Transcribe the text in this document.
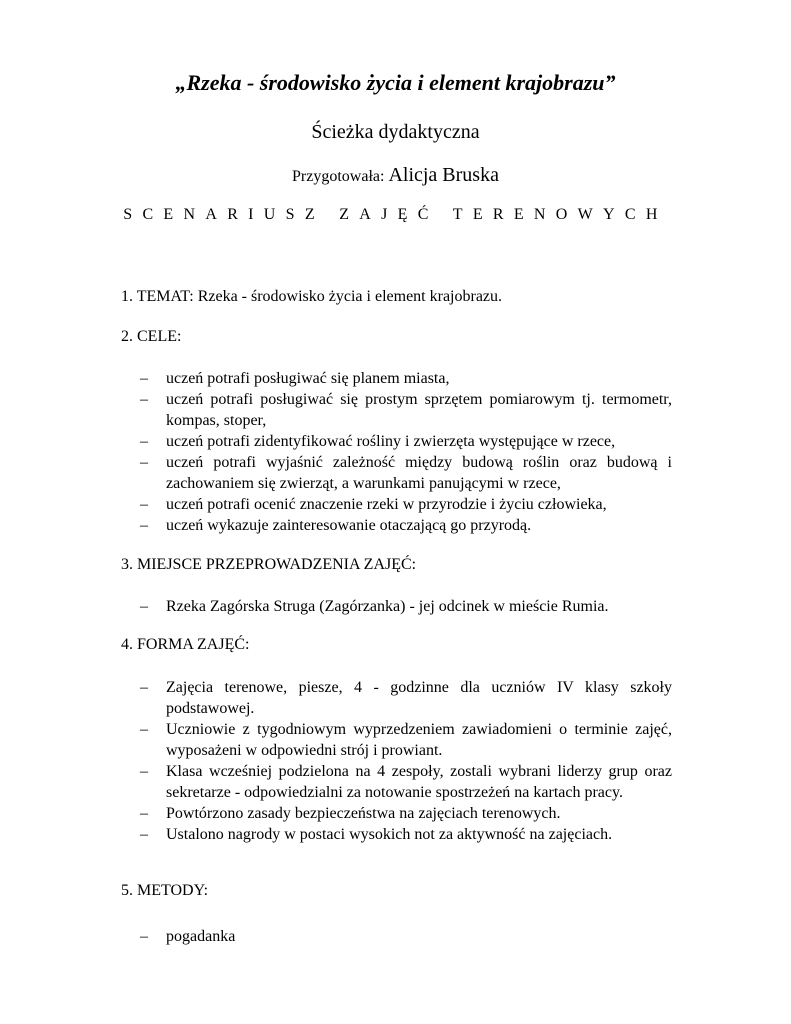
„Rzeka - środowisko życia i element krajobrazu”
Ścieżka dydaktyczna
Przygotowała: Alicja Bruska
SCENARIUSZ ZAJĘĆ TERENOWYCH
1. TEMAT: Rzeka - środowisko życia i element krajobrazu.
2. CELE:
–	uczeń potrafi posługiwać się planem miasta,
–	uczeń potrafi posługiwać się prostym sprzętem pomiarowym tj. termometr, kompas, stoper,
–	uczeń potrafi zidentyfikować rośliny i zwierzęta występujące w rzece,
–	uczeń potrafi wyjaśnić zależność między budową roślin oraz budową i zachowaniem się zwierząt, a warunkami panującymi w rzece,
–	uczeń potrafi ocenić znaczenie rzeki w przyrodzie i życiu człowieka,
–	uczeń wykazuje zainteresowanie otaczającą go przyrodą.
3. MIEJSCE PRZEPROWADZENIA ZAJĘĆ:
–	Rzeka Zagórska Struga (Zagórzanka) - jej odcinek w mieście Rumia.
4. FORMA ZAJĘĆ:
–	Zajęcia terenowe, piesze, 4 - godzinne dla uczniów IV klasy szkoły podstawowej.
–	Uczniowie z tygodniowym wyprzedzeniem zawiadomieni o terminie zajęć, wyposażeni w odpowiedni strój i prowiant.
–	Klasa wcześniej podzielona na 4 zespoły, zostali wybrani liderzy grup oraz sekretarze - odpowiedzialni za notowanie spostrzeżeń na kartach pracy.
–	Powtórzono zasady bezpieczeństwa na zajęciach terenowych.
–	Ustalono nagrody w postaci wysokich not za aktywność na zajęciach.
5. METODY:
–	pogadanka
